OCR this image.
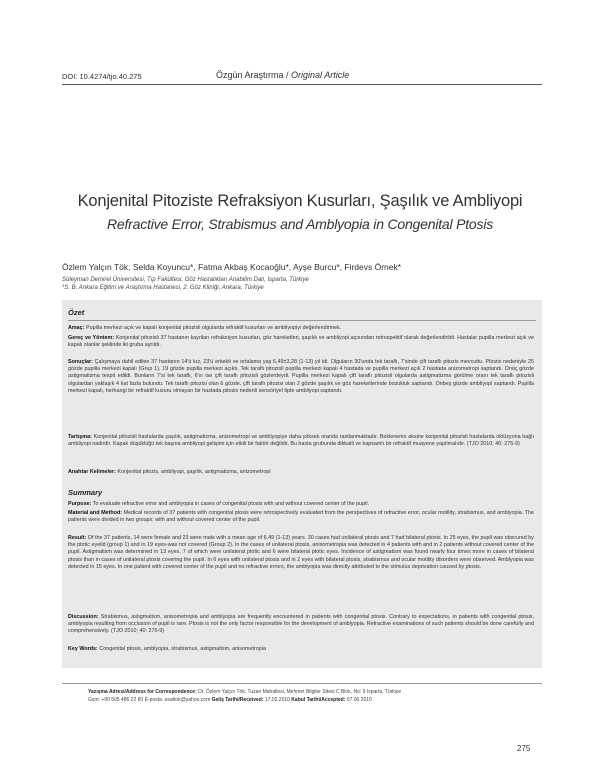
DOI: 10.4274/tjo.40.275	Özgün Araştırma / Original Article
Konjenital Pitoziste Refraksiyon Kusurları, Şaşılık ve Ambliyopi
Refractive Error, Strabismus and Amblyopia in Congenital Ptosis
Özlem Yalçın Tök, Selda Koyuncu*, Fatma Akbaş Kocaoğlu*, Ayşe Burcu*, Firdevs Örnek*
Süleyman Demirel Üniversitesi, Tıp Fakültesi, Göz Hastalıkları Anabilim Dalı, Isparta, Türkiye
*S. B. Ankara Eğitim ve Araştırma Hastanesi, 2. Göz Kliniği, Ankara, Türkiye
Özet

Amaç: Pupilla merkezi açık ve kapalı konjenital pitozisli olgularda refraktif kusurları ve ambliyopiyi değerlendirmek.

Gereç ve Yöntem: Konjenital pitozisli 37 hastanın kayıtları refraksiyon kusurları, göz hareketleri, şaşılık ve ambliyopi açısından retrospektif olarak değerlendirildi. Hastalar pupilla merkezi açık ve kapalı olanlar şeklinde iki gruba ayrıldı.

Sonuçlar: Çalışmaya dahil edilen 37 hastanın 14'ü kız, 23'ü erkekti ve ortalama yaş 6,49±3,28 (1-13) yıl idi. Olguların 30'unda tek taraflı, 7'sinde çift taraflı pitozis mevcuttu. Pitozis nedeniyle 25 gözde pupilla merkezi kapalı (Grup 1), 19 gözde pupilla merkezi açıktı. Tek taraflı pitozisli pupilla merkezi kapalı 4 hastada ve pupilla merkezi açık 2 hastada anizometropi saptandı. Onüç gözde astigmatizma tespit edildi. Bunların 7'si tek taraflı, 6'sı ise çift taraflı pitozisli gözlerdeydi. Pupilla merkezi kapalı çift taraflı pitozisli olgularda astigmatizma görülme oranı tek taraflı pitozisli olgulardan yaklaşık 4 kat fazla bulundu. Tek taraflı pitozisi olan 6 gözde, çift taraflı pitozisi olan 2 gözde şaşılık ve göz hareketlerinde bozukluk saptandı. Onbeş gözde ambliyopi saptandı. Pupilla merkezi kapalı, herhangi bir refraktif kusuru olmayan bir hastada pitozis nedenli sensöriyel tipte ambliyopi saptandı.

Tartışma: Konjenital pitozisli hastalarda şaşılık, astigmatizma, anizometropi ve ambliyopiye daha yüksek oranda rastlanmaktadır. Beklenenin aksine konjenital pitozisli hastalarda oklüzyona bağlı ambliyopi nadirdir. Kapak düşüklüğü tek başına ambliyopi gelişimi için etkili bir faktör değildir. Bu hasta grubunda dikkatli ve kapsamlı bir refraktif muayene yapılmalıdır. (TJO 2010; 40: 275-9)

Anahtar Kelimeler: Konjenital pitozis, ambliyopi, şaşılık, astigmatizma, anizometropi

Summary

Purpose: To evaluate refractive error and amblyopia in cases of congenital ptosis with and without covered center of the pupil.

Material and Method: Medical records of 37 patients with congenital ptosis were retrospectively evaluated from the perspectives of refractive error, ocular motility, strabismus, and amblyopia. The patients were divided in two groups: with and without covered center of the pupil.

Result: Of the 37 patients, 14 were female and 23 were male with a mean age of 6.49 (1-13) years. 30 cases had unilateral ptosis and 7 had bilateral ptosis. In 25 eyes, the pupil was obscured by the ptotic eyelid (group 1) and in 19 eyes-was not covered (Group 2). In the cases of unilateral ptosis, anisometropia was detected in 4 patients with and in 2 patients without covered center of the pupil. Astigmatism was determined in 13 eyes, 7 of which were unilateral ptotic and 6 were bilateral ptotic eyes. Incidence of astigmatism was found nearly four times more in cases of bilateral ptosis than in cases of unilateral ptosis covering the pupil. In 6 eyes with unilateral ptosis and in 2 eyes with bilateral ptosis, strabismus and ocular motility disorders were observed. Amblyopia was detected in 15 eyes. In one patient with covered center of the pupil and no refractive errors, the amblyopia was directly attributed to the stimulus deprivation caused by ptosis.

Discussion: Strabismus, astigmatism, anisometropia and amblyopia are frequently encountered in patients with congenital ptosis. Contrary to expectations, in patients with congenital ptosis, amblyopia resulting from occlusion of pupil is rare. Ptosis is not the only factor responsible for the development of amblyopia. Refractive examinations of such patients should be done carefully and comprehensively. (TJO 2010; 40: 275-9)

Key Words: Congenital ptosis, amblyopia, strabismus, astigmatism, anisometropia

Yazışma Adresi/Address for Correspondence: Dr. Özlem Yalçın Tök, Tuzan Mahallesi, Mehmet Bilgiler Sitesi C Blok, No: 9 Isparta, Türkiye
Gsm: +90 505 486 22 60 E-posta: esattok@yahoo.com Geliş Tarihi/Received: 17.02.2010 Kabul Tarihi/Accepted: 07.06.2010
275
